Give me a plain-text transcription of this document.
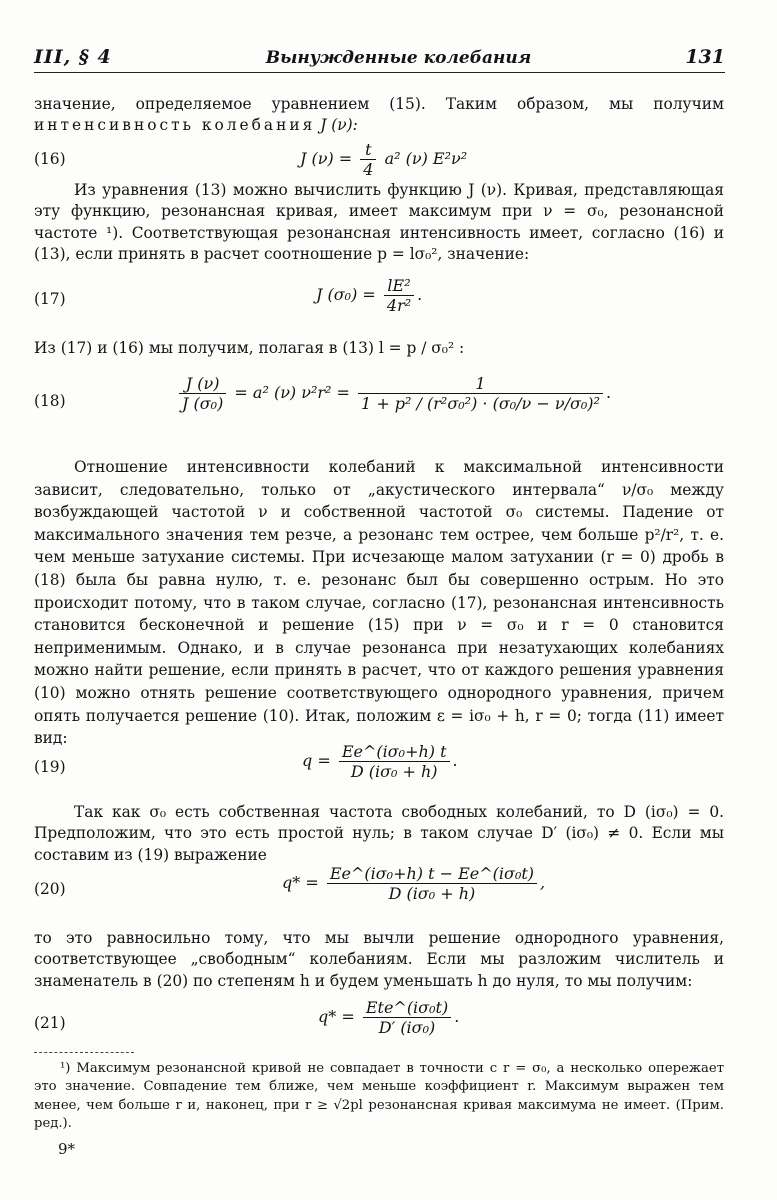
III, § 4	Вынужденные колебания	131
значение, определяемое уравнением (15). Таким образом, мы получим интенсивность колебания J (ν):
(16)	J $(\nu) = \frac{t}{4} a^2$ (ν) E²ν²
Из уравнения (13) можно вычислить функцию J (ν). Кривая, представляющая эту функцию, резонансная кривая, имеет максимум при ν = σ₀, резонансной частоте ¹). Соответствующая резонансная интенсивность имеет, согласно (16) и (13), если принять в расчет соотношение p = lσ₀², значение:
(17)	J $(\sigma_0) = \frac{\text{lE²}}{\text{4r²}}$ .
Из (17) и (16) мы получим, полагая в (13) l = p / σ₀² :
(18)	$\frac{J (\nu)}{\text{J (σ₀)}} = a^2$ (ν) $\nu^2r^2 = \frac{1}{\text{1 + p² / (r²σ₀²) · (σ₀/ν − ν/σ₀)²}}$ .
Отношение интенсивности колебаний к максимальной интенсивности зависит, следовательно, только от „акустического интервала“ ν/σ₀ между возбуждающей частотой ν и собственной частотой σ₀ системы. Падение от максимального значения тем резче, а резонанс тем острее, чем больше p²/r², т. е. чем меньше затухание системы. При исчезающе малом затухании (r = 0) дробь в (18) была бы равна нулю, т. е. резонанс был бы совершенно острым. Но это происходит потому, что в таком случае, согласно (17), резонансная интенсивность становится бесконечной и решение (15) при ν = σ₀ и r = 0 становится неприменимым. Однако, и в случае резонанса при незатухающих колебаниях можно найти решение, если принять в расчет, что от каждого решения уравнения (10) можно отнять решение соответствующего однородного уравнения, причем опять получается решение (10). Итак, положим ε = iσ₀ + h, r = 0; тогда (11) имеет вид:
(19)	$q = \frac{\text{Ee\textasciicircum{}(iσ₀+h) t}}{\text{D (iσ₀ + h)}}$ .
Так как σ₀ есть собственная частота свободных колебаний, то D (iσ₀) = 0. Предположим, что это есть простой нуль; в таком случае D′ (iσ₀) ≠ 0. Если мы составим из (19) выражение
(20)	$q* = \frac{\text{Ee\textasciicircum{}(iσ₀+h) t − Ee\textasciicircum{}(iσ₀t)}}{\text{D (iσ₀ + h)}}$ ,
то это равносильно тому, что мы вычли решение однородного уравнения, соответствующее „свободным“ колебаниям. Если мы разложим числитель и знаменатель в (20) по степеням h и будем уменьшать h до нуля, то мы получим:
(21)	$q* = \frac{\text{Ete\textasciicircum{}(iσ₀t)}}{\text{D′ (iσ₀)}}$ .
¹) Максимум резонансной кривой не совпадает в точности с r = σ₀, а несколько опережает это значение. Совпадение тем ближе, чем меньше коэффициент r. Максимум выражен тем менее, чем больше r и, наконец, при r ≥ √2pl резонансная кривая максимума не имеет. (Прим. ред.).
9*
